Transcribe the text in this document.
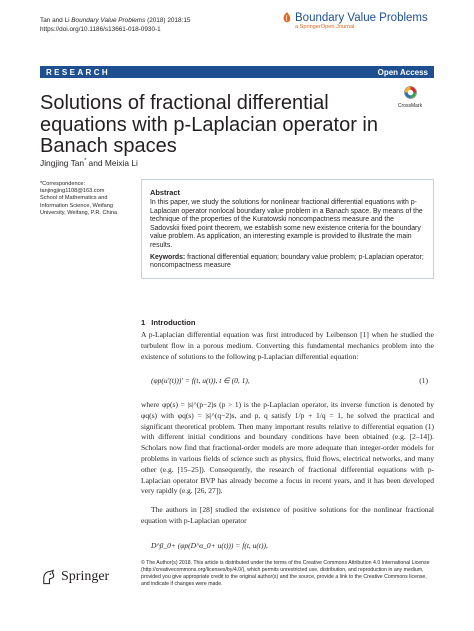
Tan and Li Boundary Value Problems (2018) 2018:15
https://doi.org/10.1186/s13661-018-0930-1
Boundary Value Problems
a SpringerOpen Journal
RESEARCH	Open Access
Solutions of fractional differential equations with p-Laplacian operator in Banach spaces
CrossMark
Jingjing Tan* and Meixia Li
*Correspondence:
tanjingjing1108@163.com
School of Mathematics and
Information Science, Weifang
University, Weifang, P.R. China
Abstract
In this paper, we study the solutions for nonlinear fractional differential equations with p-Laplacian operator nonlocal boundary value problem in a Banach space. By means of the technique of the properties of the Kuratowski noncompactness measure and the Sadovskii fixed point theorem, we establish some new existence criteria for the boundary value problem. As application, an interesting example is provided to illustrate the main results.
Keywords: fractional differential equation; boundary value problem; p-Laplacian operator; noncompactness measure
1 Introduction
A p-Laplacian differential equation was first introduced by Leibenson [1] when he studied the turbulent flow in a porous medium. Converting this fundamental mechanics problem into the existence of solutions to the following p-Laplacian differential equation:
(φp(u′(t)))′ = f(t, u(t)), t ∈ (0, 1),	(1)
where φp(s) = |s|^(p−2)s (p > 1) is the p-Laplacian operator, its inverse function is denoted by φq(s) with φq(s) = |s|^(q−2)s, and p, q satisfy 1/p + 1/q = 1, he solved the practical and significant theoretical problem. Then many important results relative to differential equation (1) with different initial conditions and boundary conditions have been obtained (e.g. [2–14]). Scholars now find that fractional-order models are more adequate than integer-order models for problems in various fields of science such as physics, fluid flows, electrical networks, and many other (e.g. [15–25]). Consequently, the research of fractional differential equations with p-Laplacian operator BVP has already become a focus in recent years, and it has been developed very rapidly (e.g. [26, 27]).
The authors in [28] studied the existence of positive solutions for the nonlinear fractional equation with p-Laplacian operator
D^β_0+ (φp(D^α_0+ u(t))) = f(t, u(t)),
Springer
© The Author(s) 2018. This article is distributed under the terms of the Creative Commons Attribution 4.0 International License (http://creativecommons.org/licenses/by/4.0/), which permits unrestricted use, distribution, and reproduction in any medium, provided you give appropriate credit to the original author(s) and the source, provide a link to the Creative Commons license, and indicate if changes were made.
